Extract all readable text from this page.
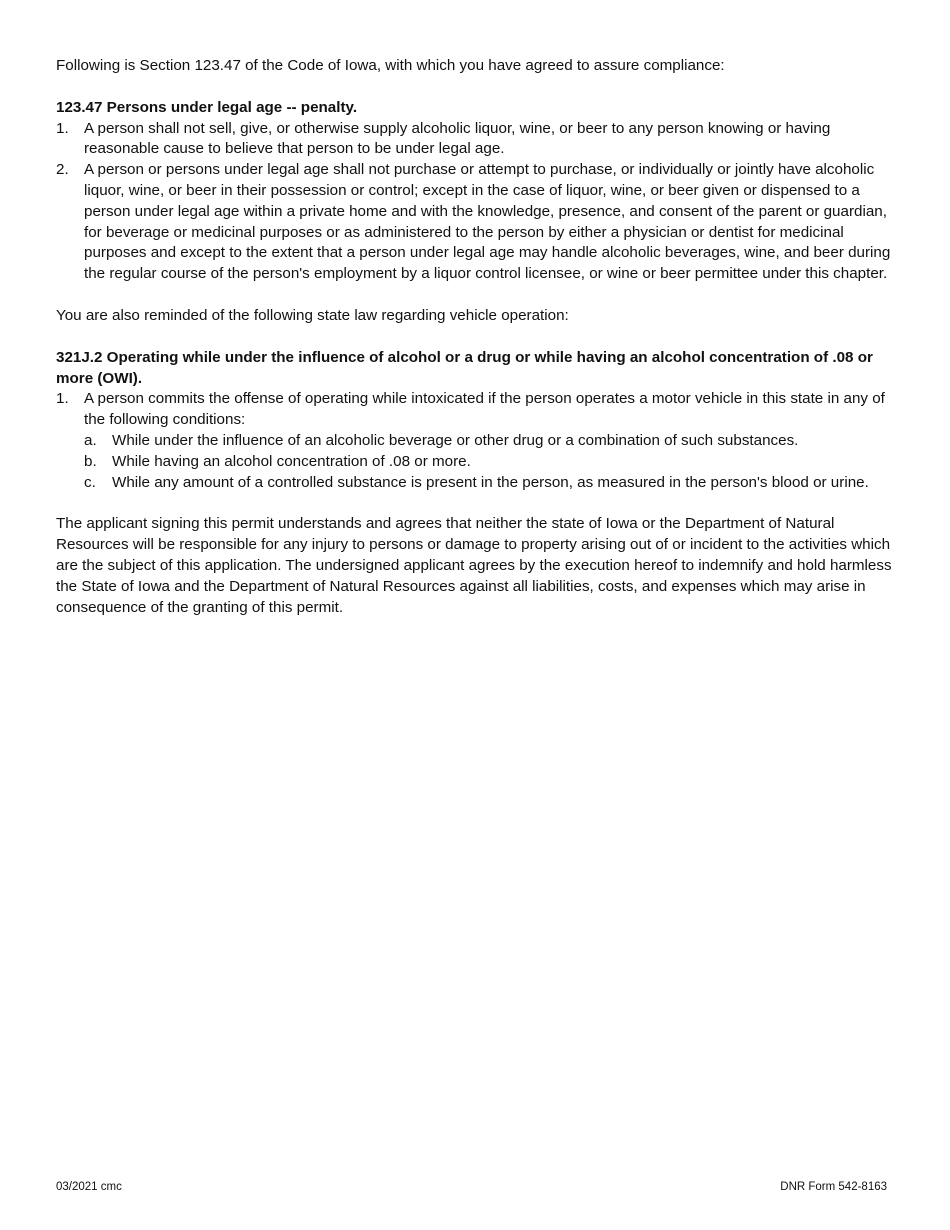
Following is Section 123.47 of the Code of Iowa, with which you have agreed to assure compliance:

123.47 Persons under legal age -- penalty.

1. A person shall not sell, give, or otherwise supply alcoholic liquor, wine, or beer to any person knowing or having reasonable cause to believe that person to be under legal age.
2. A person or persons under legal age shall not purchase or attempt to purchase, or individually or jointly have alcoholic liquor, wine, or beer in their possession or control; except in the case of liquor, wine, or beer given or dispensed to a person under legal age within a private home and with the knowledge, presence, and consent of the parent or guardian, for beverage or medicinal purposes or as administered to the person by either a physician or dentist for medicinal purposes and except to the extent that a person under legal age may handle alcoholic beverages, wine, and beer during the regular course of the person's employment by a liquor control licensee, or wine or beer permittee under this chapter.

You are also reminded of the following state law regarding vehicle operation:

321J.2 Operating while under the influence of alcohol or a drug or while having an alcohol concentration of .08 or more (OWI).

1. A person commits the offense of operating while intoxicated if the person operates a motor vehicle in this state in any of the following conditions:
a. While under the influence of an alcoholic beverage or other drug or a combination of such substances.
b. While having an alcohol concentration of .08 or more.
c. While any amount of a controlled substance is present in the person, as measured in the person's blood or urine.

The applicant signing this permit understands and agrees that neither the state of Iowa or the Department of Natural Resources will be responsible for any injury to persons or damage to property arising out of or incident to the activities which are the subject of this application. The undersigned applicant agrees by the execution hereof to indemnify and hold harmless the State of Iowa and the Department of Natural Resources against all liabilities, costs, and expenses which may arise in consequence of the granting of this permit.

03/2021 cmc	DNR Form 542-8163
